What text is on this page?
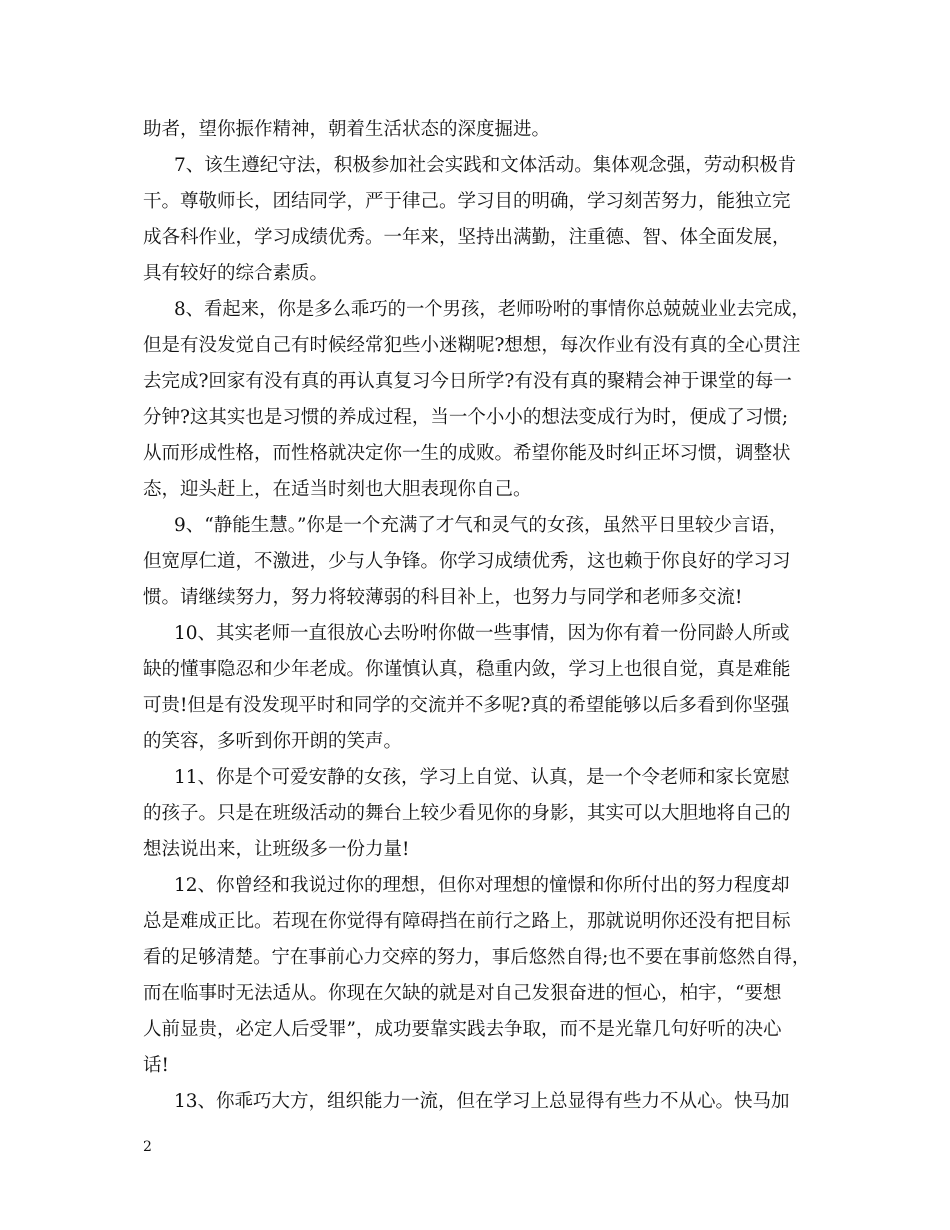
助者，望你振作精神，朝着生活状态的深度掘进。
7、该生遵纪守法，积极参加社会实践和文体活动。集体观念强，劳动积极肯
干。尊敬师长，团结同学，严于律己。学习目的明确，学习刻苦努力，能独立完
成各科作业，学习成绩优秀。一年来，坚持出满勤，注重德、智、体全面发展，
具有较好的综合素质。
8、看起来，你是多么乖巧的一个男孩，老师吩咐的事情你总兢兢业业去完成，
但是有没发觉自己有时候经常犯些小迷糊呢?想想，每次作业有没有真的全心贯注
去完成?回家有没有真的再认真复习今日所学?有没有真的聚精会神于课堂的每一
分钟?这其实也是习惯的养成过程，当一个小小的想法变成行为时，便成了习惯;
从而形成性格，而性格就决定你一生的成败。希望你能及时纠正坏习惯，调整状
态，迎头赶上，在适当时刻也大胆表现你自己。
9、“静能生慧。”你是一个充满了才气和灵气的女孩，虽然平日里较少言语，
但宽厚仁道，不激进，少与人争锋。你学习成绩优秀，这也赖于你良好的学习习
惯。请继续努力，努力将较薄弱的科目补上，也努力与同学和老师多交流!
10、其实老师一直很放心去吩咐你做一些事情，因为你有着一份同龄人所或
缺的懂事隐忍和少年老成。你谨慎认真，稳重内敛，学习上也很自觉，真是难能
可贵!但是有没发现平时和同学的交流并不多呢?真的希望能够以后多看到你坚强
的笑容，多听到你开朗的笑声。
11、你是个可爱安静的女孩，学习上自觉、认真，是一个令老师和家长宽慰
的孩子。只是在班级活动的舞台上较少看见你的身影，其实可以大胆地将自己的
想法说出来，让班级多一份力量!
12、你曾经和我说过你的理想，但你对理想的憧憬和你所付出的努力程度却
总是难成正比。若现在你觉得有障碍挡在前行之路上，那就说明你还没有把目标
看的足够清楚。宁在事前心力交瘁的努力，事后悠然自得;也不要在事前悠然自得，
而在临事时无法适从。你现在欠缺的就是对自己发狠奋进的恒心，柏宇，“要想
人前显贵，必定人后受罪”，成功要靠实践去争取，而不是光靠几句好听的决心
话!
13、你乖巧大方，组织能力一流，但在学习上总显得有些力不从心。快马加
2
